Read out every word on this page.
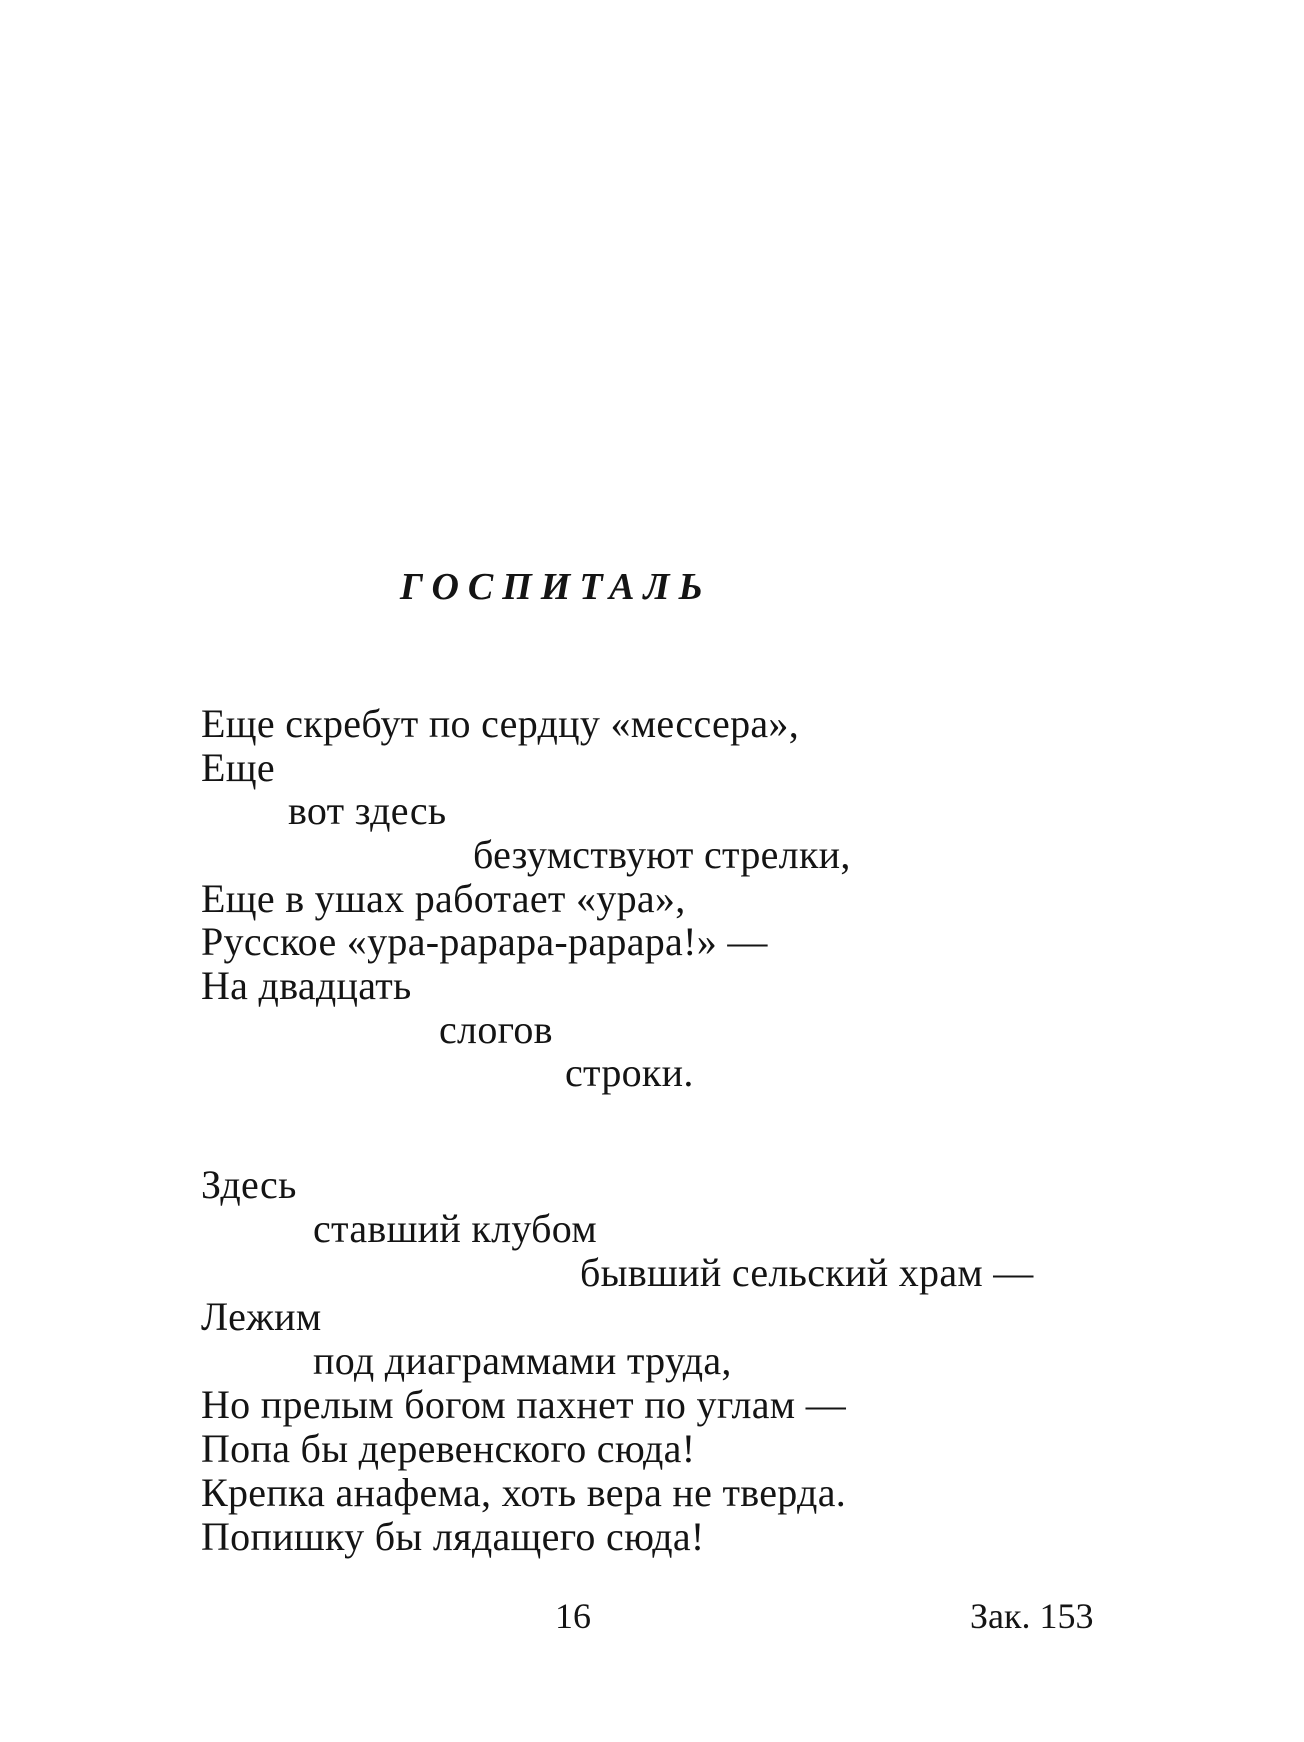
ГОСПИТАЛЬ
Еще скребут по сердцу «мессера»,
Еще
вот здесь
безумствуют стрелки,
Еще в ушах работает «ура»,
Русское «ура-рарара-рарара!» —
На двадцать
слогов
строки.
Здесь
ставший клубом
бывший сельский храм —
Лежим
под диаграммами труда,
Но прелым богом пахнет по углам —
Попа бы деревенского сюда!
Крепка анафема, хоть вера не тверда.
Попишку бы лядащего сюда!
16	Зак. 153
